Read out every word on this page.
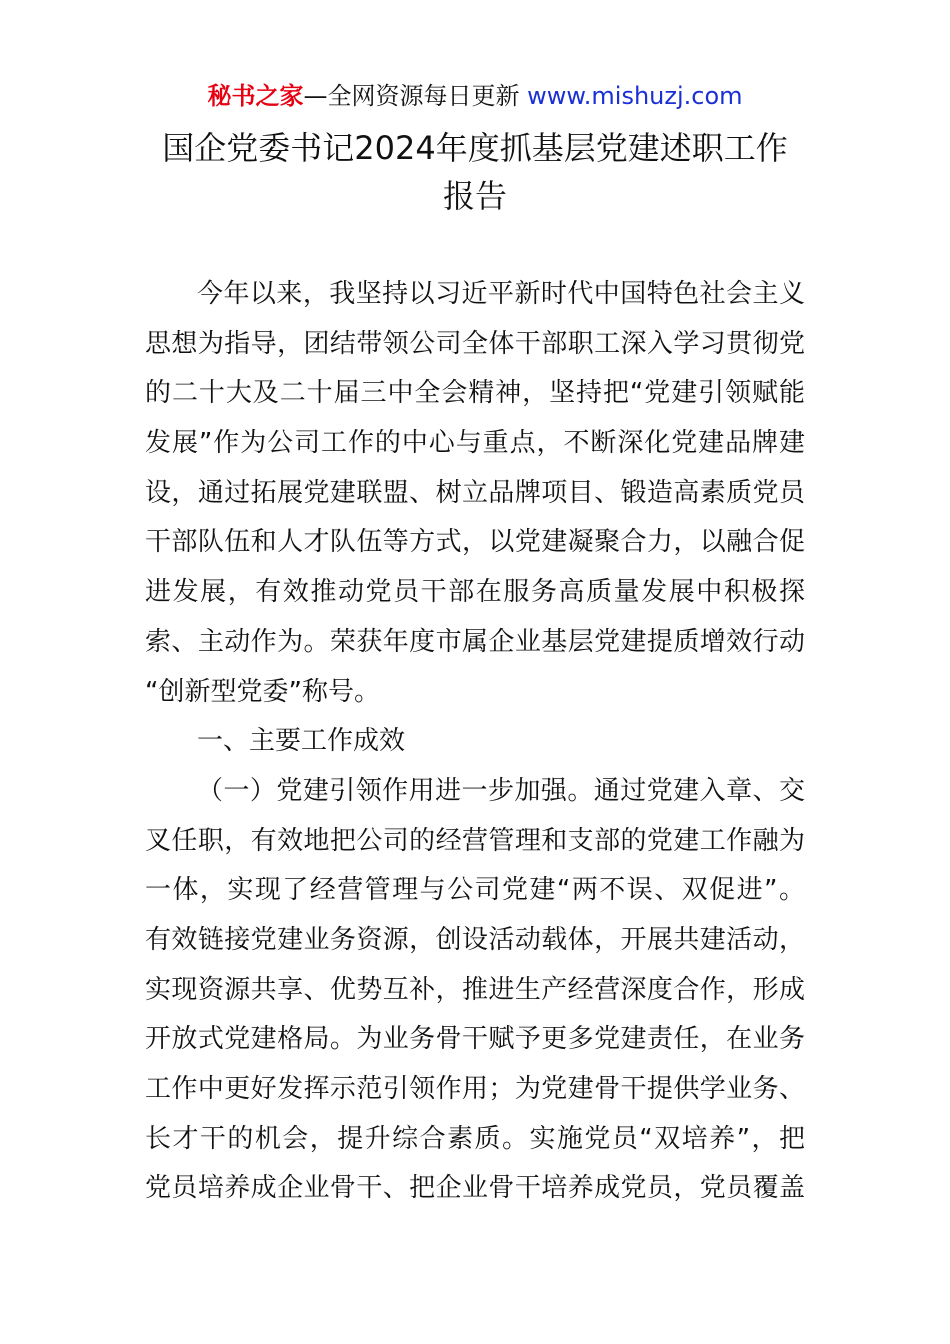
秘书之家—全网资源每日更新 www.mishuzj.com
国企党委书记2024年度抓基层党建述职工作
报告
今年以来，我坚持以习近平新时代中国特色社会主义
思想为指导，团结带领公司全体干部职工深入学习贯彻党
的二十大及二十届三中全会精神，坚持把“党建引领赋能
发展”作为公司工作的中心与重点，不断深化党建品牌建
设，通过拓展党建联盟、树立品牌项目、锻造高素质党员
干部队伍和人才队伍等方式，以党建凝聚合力，以融合促
进发展，有效推动党员干部在服务高质量发展中积极探
索、主动作为。荣获年度市属企业基层党建提质增效行动
“创新型党委”称号。
一、主要工作成效
（一）党建引领作用进一步加强。通过党建入章、交
叉任职，有效地把公司的经营管理和支部的党建工作融为
一体，实现了经营管理与公司党建“两不误、双促进”。
有效链接党建业务资源，创设活动载体，开展共建活动，
实现资源共享、优势互补，推进生产经营深度合作，形成
开放式党建格局。为业务骨干赋予更多党建责任，在业务
工作中更好发挥示范引领作用；为党建骨干提供学业务、
长才干的机会，提升综合素质。实施党员“双培养”，把
党员培养成企业骨干、把企业骨干培养成党员，党员覆盖
